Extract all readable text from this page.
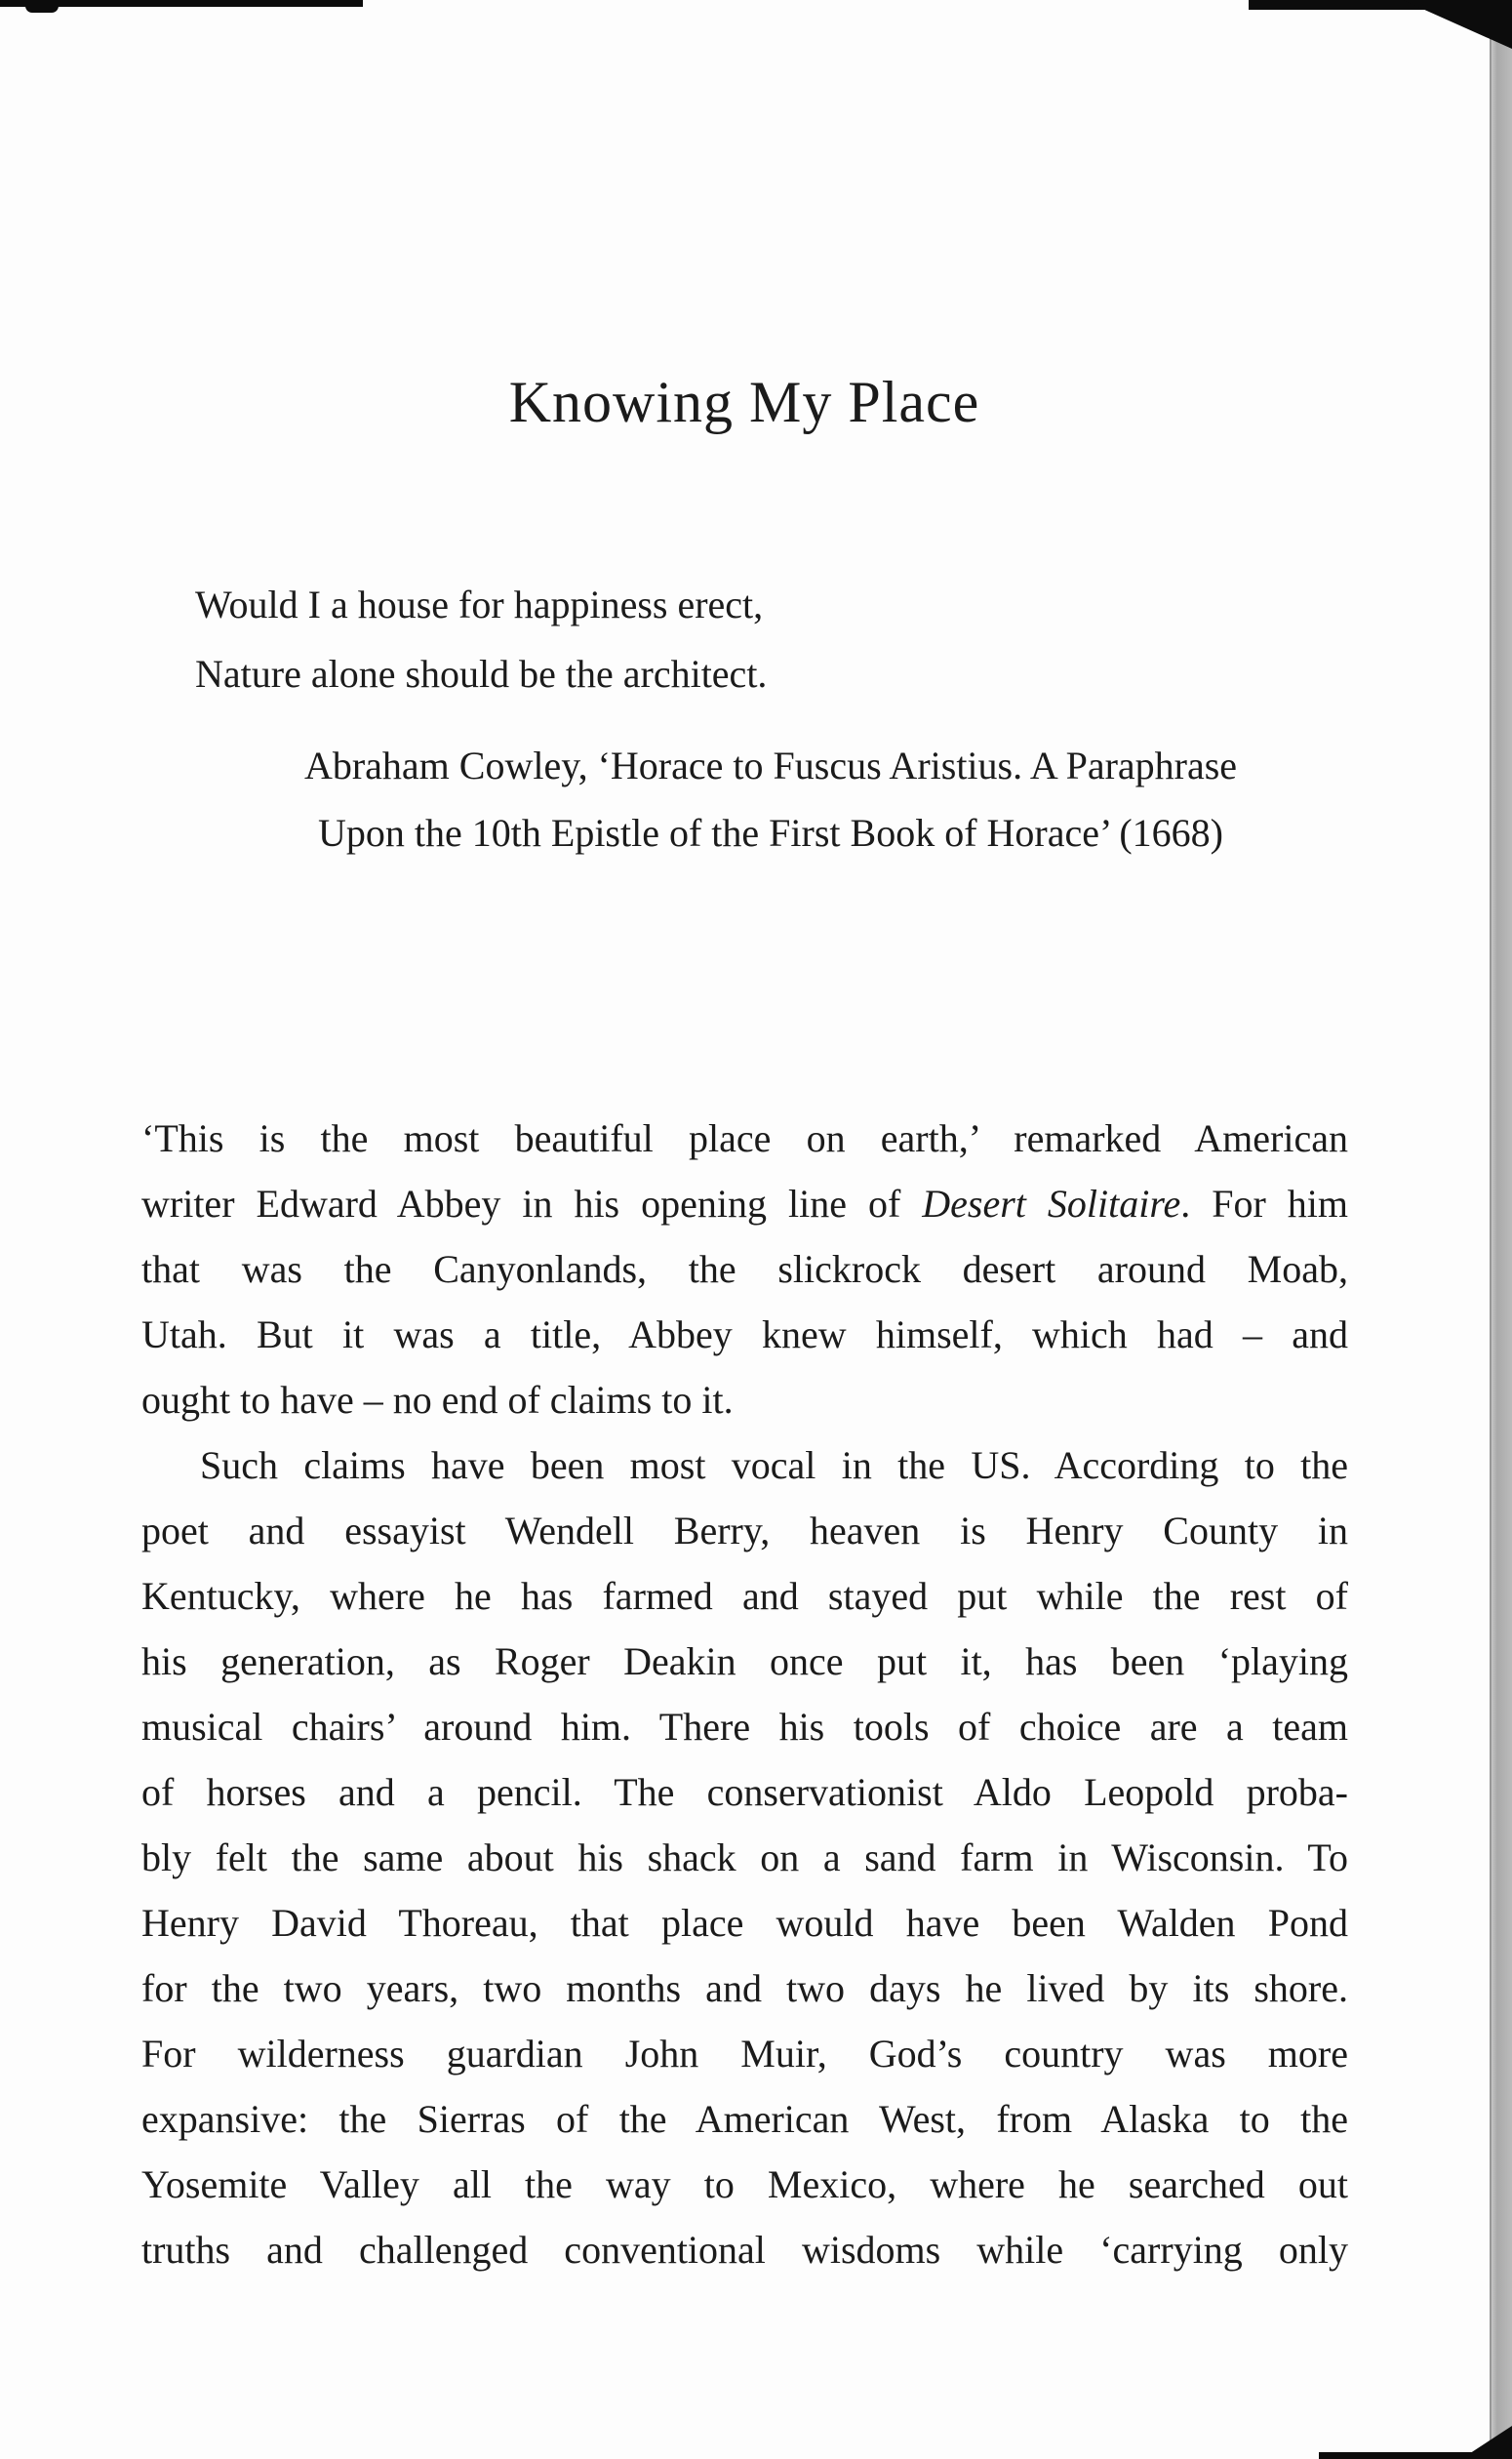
Knowing My Place
Would I a house for happiness erect,
Nature alone should be the architect.
Abraham Cowley, ‘Horace to Fuscus Aristius. A Paraphrase
Upon the 10th Epistle of the First Book of Horace’ (1668)
‘This is the most beautiful place on earth,’ remarked American
writer Edward Abbey in his opening line of Desert Solitaire. For him
that was the Canyonlands, the slickrock desert around Moab,
Utah. But it was a title, Abbey knew himself, which had – and
ought to have – no end of claims to it.
Such claims have been most vocal in the US. According to the
poet and essayist Wendell Berry, heaven is Henry County in
Kentucky, where he has farmed and stayed put while the rest of
his generation, as Roger Deakin once put it, has been ‘playing
musical chairs’ around him. There his tools of choice are a team
of horses and a pencil. The conservationist Aldo Leopold proba-
bly felt the same about his shack on a sand farm in Wisconsin. To
Henry David Thoreau, that place would have been Walden Pond
for the two years, two months and two days he lived by its shore.
For wilderness guardian John Muir, God’s country was more
expansive: the Sierras of the American West, from Alaska to the
Yosemite Valley all the way to Mexico, where he searched out
truths and challenged conventional wisdoms while ‘carrying only
